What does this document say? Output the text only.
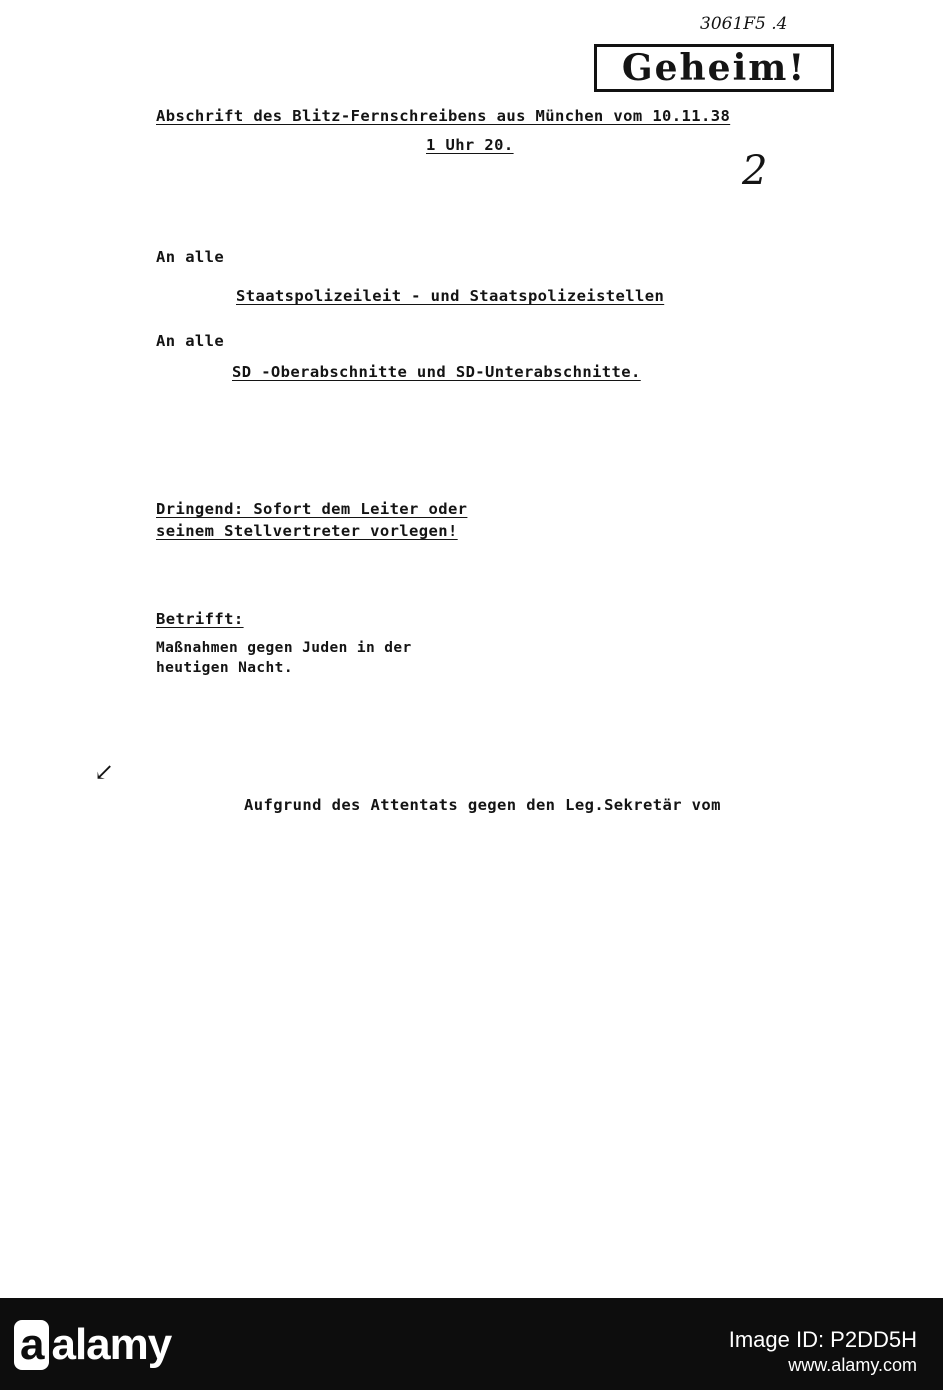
3061F5 .4
Geheim!
Abschrift des Blitz-Fernschreibens aus München vom 10.11.38
1 Uhr 20.
2
An alle
Staatspolizeileit - und Staatspolizeistellen
An alle
SD -Oberabschnitte und SD-Unterabschnitte.
Dringend: Sofort dem Leiter oder
seinem Stellvertreter vorlegen!
Betrifft:
Maßnahmen gegen Juden in der
heutigen Nacht.
↙
Aufgrund des Attentats gegen den Leg.Sekretär vom
a alamy	Image ID: P2DD5H
www.alamy.com
